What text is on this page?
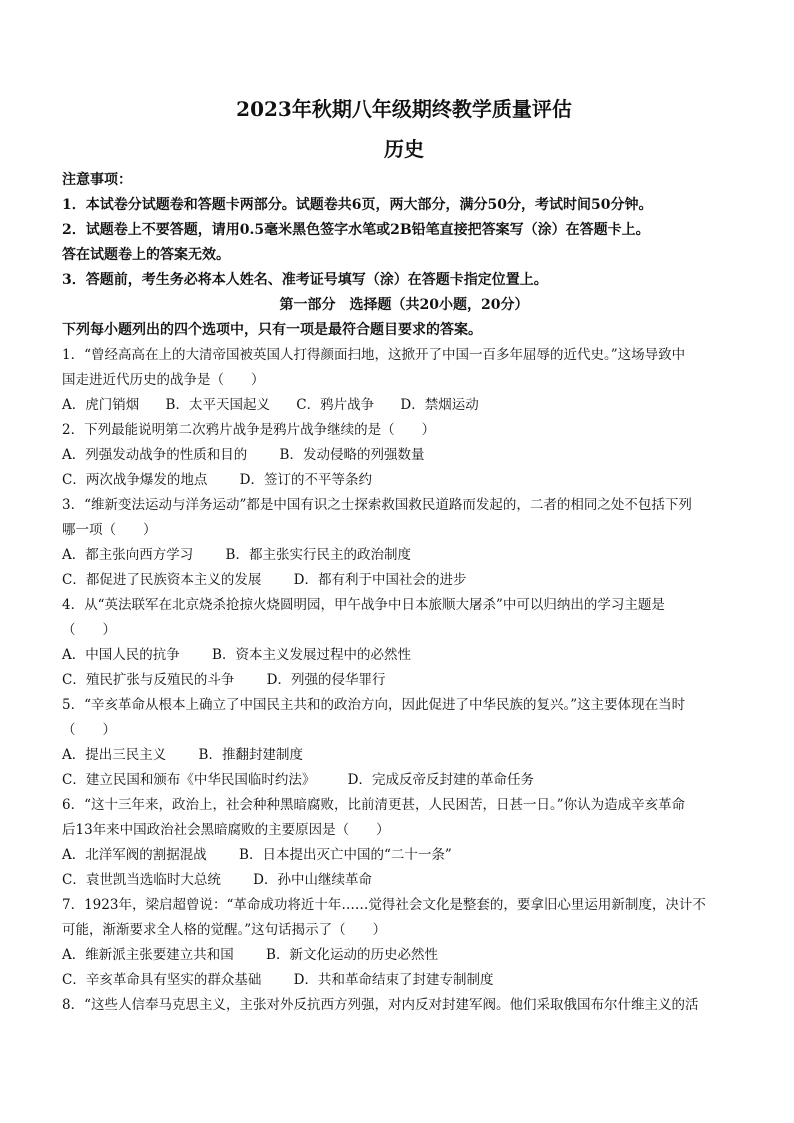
2023年秋期八年级期终教学质量评估
历史
注意事项：
1．本试卷分试题卷和答题卡两部分。试题卷共6页，两大部分，满分50分，考试时间50分钟。
2．试题卷上不要答题，请用0.5毫米黑色签字水笔或2B铅笔直接把答案写（涂）在答题卡上。
答在试题卷上的答案无效。
3．答题前，考生务必将本人姓名、准考证号填写（涂）在答题卡指定位置上。
第一部分　选择题（共20小题，20分）
下列每小题列出的四个选项中，只有一项是最符合题目要求的答案。
1．“曾经高高在上的大清帝国被英国人打得颜面扫地，这掀开了中国一百多年屈辱的近代史。”这场导致中
国走进近代历史的战争是（　　）
A．虎门销烟 B．太平天国起义 C．鸦片战争 D．禁烟运动
2．下列最能说明第二次鸦片战争是鸦片战争继续的是（　　）
A．列强发动战争的性质和目的 B．发动侵略的列强数量
C．两次战争爆发的地点 D．签订的不平等条约
3．“维新变法运动与洋务运动”都是中国有识之士探索救国救民道路而发起的，二者的相同之处不包括下列
哪一项（　　）
A．都主张向西方学习 B．都主张实行民主的政治制度
C．都促进了民族资本主义的发展 D．都有利于中国社会的进步
4．从“英法联军在北京烧杀抢掠火烧圆明园，甲午战争中日本旅顺大屠杀”中可以归纳出的学习主题是
（　　）
A．中国人民的抗争 B．资本主义发展过程中的必然性
C．殖民扩张与反殖民的斗争 D．列强的侵华罪行
5．“辛亥革命从根本上确立了中国民主共和的政治方向，因此促进了中华民族的复兴。”这主要体现在当时
（　　）
A．提出三民主义 B．推翻封建制度
C．建立民国和颁布《中华民国临时约法》 D．完成反帝反封建的革命任务
6．“这十三年来，政治上，社会种种黑暗腐败，比前清更甚，人民困苦，日甚一日。”你认为造成辛亥革命
后13年来中国政治社会黑暗腐败的主要原因是（　　）
A．北洋军阀的割据混战 B．日本提出灭亡中国的“二十一条”
C．袁世凯当选临时大总统 D．孙中山继续革命
7．1923年，梁启超曾说：“革命成功将近十年……觉得社会文化是整套的，要拿旧心里运用新制度，决计不
可能，渐渐要求全人格的觉醒。”这句话揭示了（　　）
A．维新派主张要建立共和国 B．新文化运动的历史必然性
C．辛亥革命具有坚实的群众基础 D．共和革命结束了封建专制制度
8．“这些人信奉马克思主义，主张对外反抗西方列强，对内反对封建军阀。他们采取俄国布尔什维主义的活
